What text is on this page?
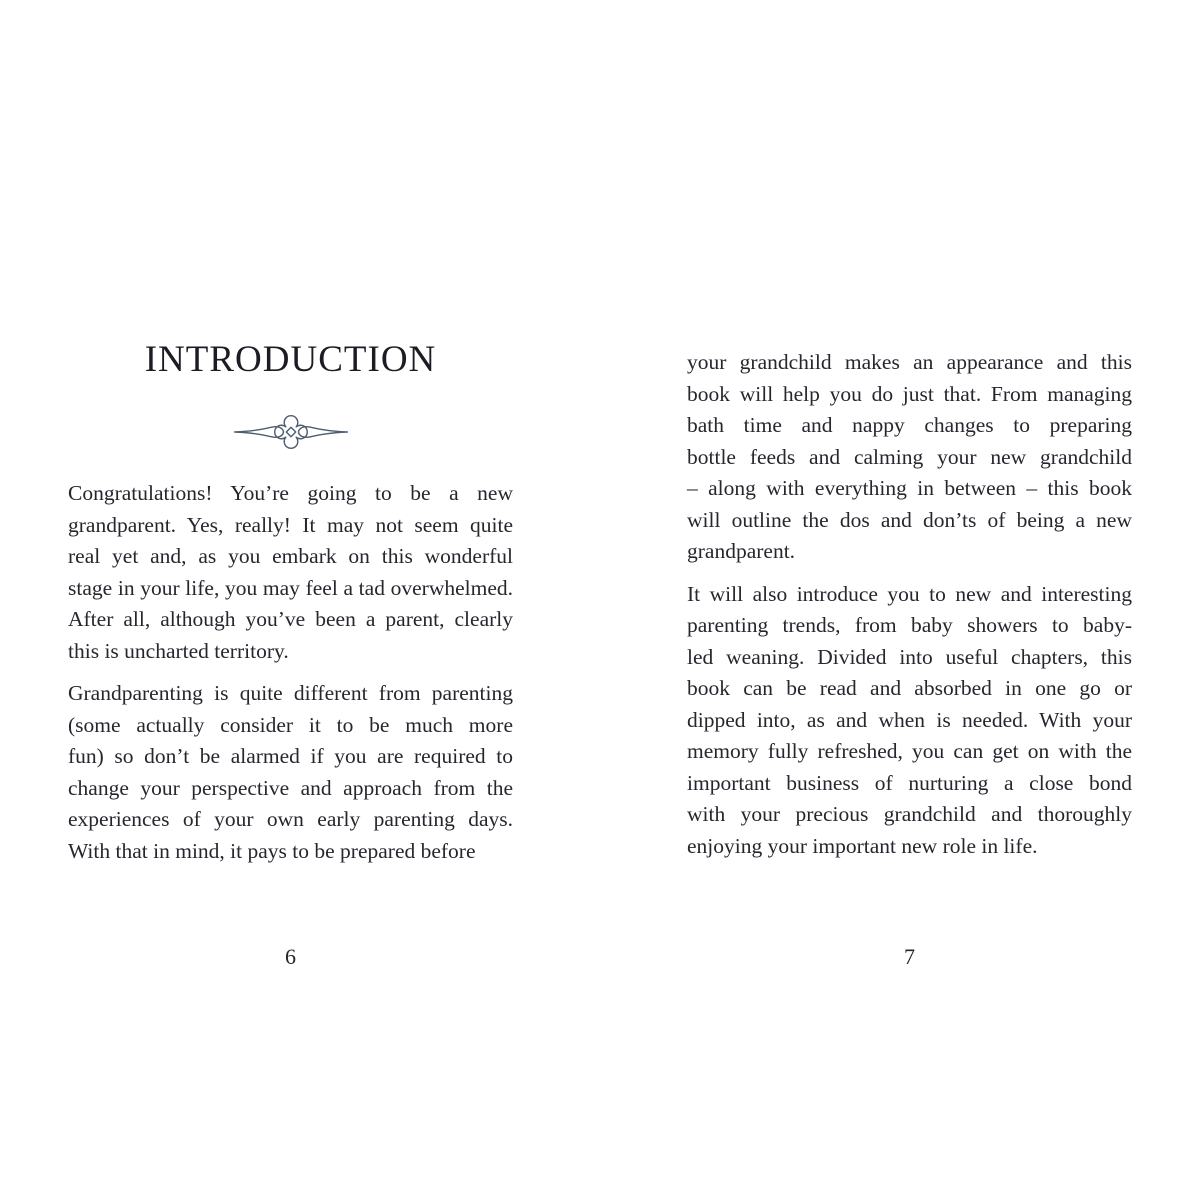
INTRODUCTION
Congratulations! You’re going to be a new
grandparent. Yes, really! It may not seem quite
real yet and, as you embark on this wonderful
stage in your life, you may feel a tad overwhelmed.
After all, although you’ve been a parent, clearly
this is uncharted territory.
Grandparenting is quite different from parenting
(some actually consider it to be much more
fun) so don’t be alarmed if you are required to
change your perspective and approach from the
experiences of your own early parenting days.
With that in mind, it pays to be prepared before
6
your grandchild makes an appearance and this
book will help you do just that. From managing
bath time and nappy changes to preparing
bottle feeds and calming your new grandchild
– along with everything in between – this book
will outline the dos and don’ts of being a new
grandparent.
It will also introduce you to new and interesting
parenting trends, from baby showers to baby-
led weaning. Divided into useful chapters, this
book can be read and absorbed in one go or
dipped into, as and when is needed. With your
memory fully refreshed, you can get on with the
important business of nurturing a close bond
with your precious grandchild and thoroughly
enjoying your important new role in life.
7
